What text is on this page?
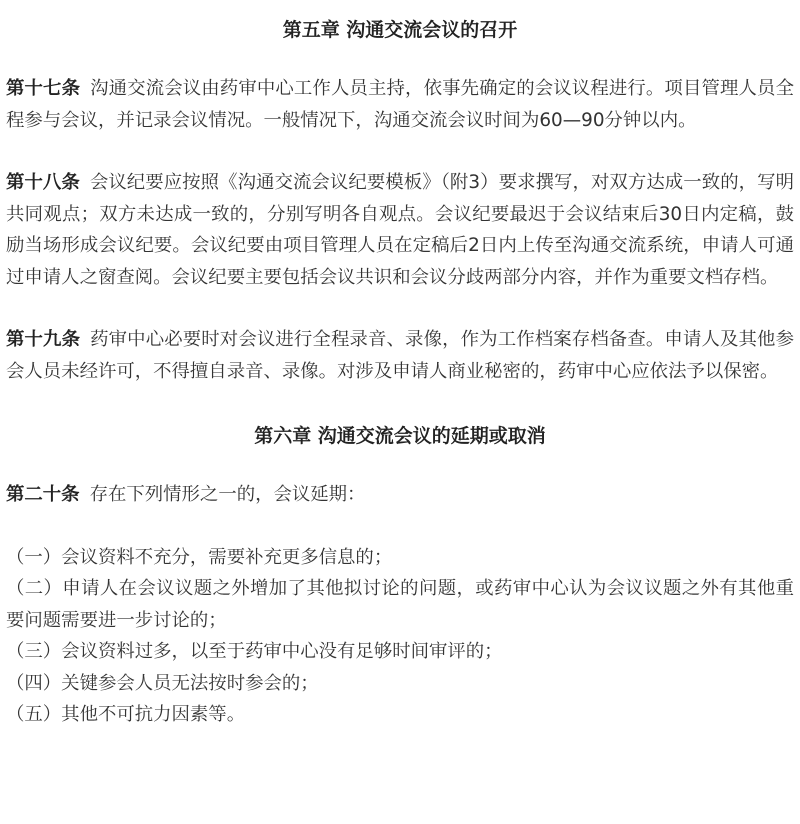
第五章 沟通交流会议的召开

第十七条 沟通交流会议由药审中心工作人员主持，依事先确定的会议议程进行。项目管理人员全程参与会议，并记录会议情况。一般情况下，沟通交流会议时间为60—90分钟以内。

第十八条 会议纪要应按照《沟通交流会议纪要模板》（附3）要求撰写，对双方达成一致的，写明共同观点；双方未达成一致的，分别写明各自观点。会议纪要最迟于会议结束后30日内定稿，鼓励当场形成会议纪要。会议纪要由项目管理人员在定稿后2日内上传至沟通交流系统，申请人可通过申请人之窗查阅。会议纪要主要包括会议共识和会议分歧两部分内容，并作为重要文档存档。

第十九条 药审中心必要时对会议进行全程录音、录像，作为工作档案存档备查。申请人及其他参会人员未经许可，不得擅自录音、录像。对涉及申请人商业秘密的，药审中心应依法予以保密。

第六章 沟通交流会议的延期或取消

第二十条 存在下列情形之一的，会议延期：

（一）会议资料不充分，需要补充更多信息的；

（二）申请人在会议议题之外增加了其他拟讨论的问题，或药审中心认为会议议题之外有其他重要问题需要进一步讨论的；

（三）会议资料过多，以至于药审中心没有足够时间审评的；

（四）关键参会人员无法按时参会的；

（五）其他不可抗力因素等。
